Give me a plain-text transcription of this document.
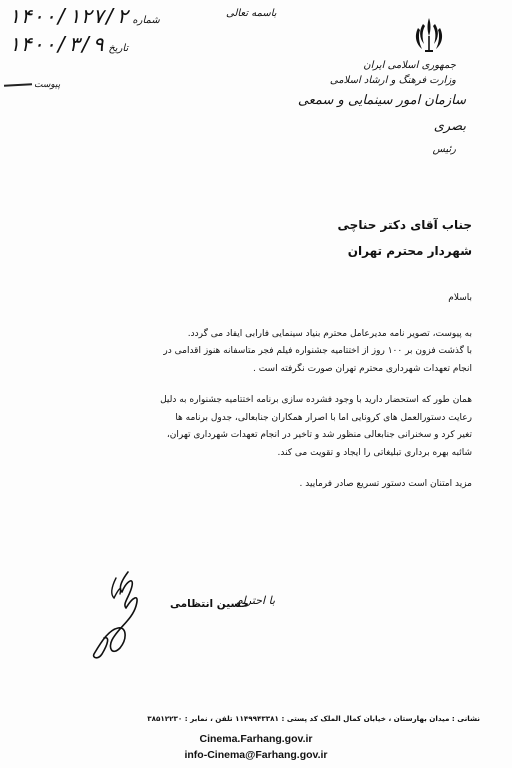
شماره
۱۴۰۰/۱۲۷/۲
تاریخ
۱۴۰۰/۳/۹
پیوست
باسمه تعالی
جمهوری اسلامی ایران
وزارت فرهنگ و ارشاد اسلامی
سازمان امور سینمایی و سمعی بصری
رئیس
جناب آقای دکتر حناچی
شهردار محترم تهران
باسلام
به پیوست، تصویر نامه مدیرعامل محترم بنیاد سینمایی فارابی ایفاد می گردد.
با گذشت فزون بر ۱۰۰ روز از اختتامیه جشنواره فیلم فجر متاسفانه هنوز اقدامی در
انجام تعهدات شهرداری محترم تهران صورت نگرفته است .
همان طور که استحضار دارید با وجود فشرده سازی برنامه اختتامیه جشنواره به دلیل
رعایت دستورالعمل های کرونایی اما با اصرار همکاران جنابعالی، جدول برنامه ها
تغیر کرد و سخنرانی جنابعالی منظور شد و تاخیر در انجام تعهدات شهرداری تهران،
شائبه بهره برداری تبلیغاتی را ایجاد و تقویت می کند.
مزید امتنان است دستور تسریع صادر فرمایید .
با احترام
حسین انتظامی
نشانی : میدان بهارستان ، خیابان کمال الملک کد پستی : ۱۱۴۹۹۴۳۳۸۱ تلفن ، نمابر : ۳۸۵۱۲۲۳۰
Cinema.Farhang.gov.ir
info-Cinema@Farhang.gov.ir
